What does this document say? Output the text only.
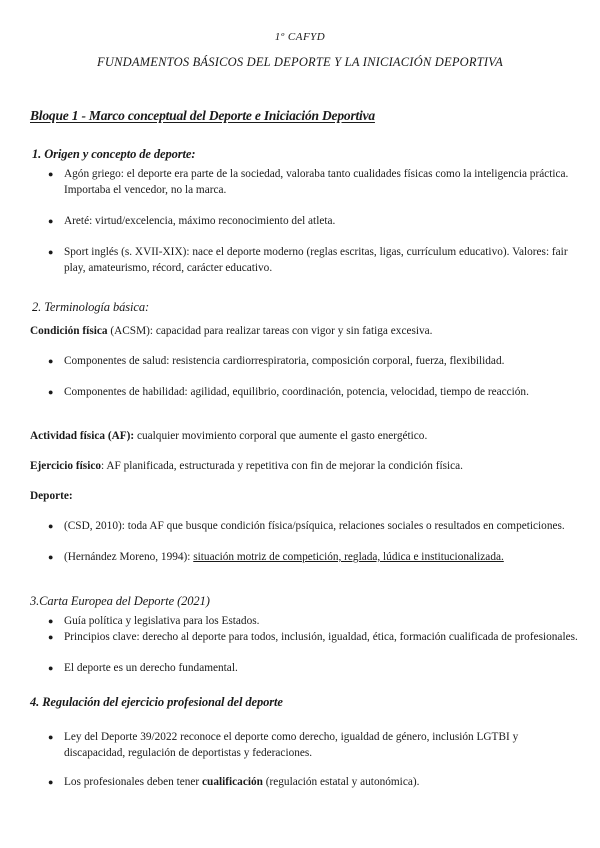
1º CAFYD
FUNDAMENTOS BÁSICOS DEL DEPORTE Y LA INICIACIÓN DEPORTIVA
Bloque 1 - Marco conceptual del Deporte e Iniciación Deportiva
1. Origen y concepto de deporte:
● Agón griego: el deporte era parte de la sociedad, valoraba tanto cualidades físicas como la inteligencia práctica. Importaba el vencedor, no la marca.
● Areté: virtud/excelencia, máximo reconocimiento del atleta.
● Sport inglés (s. XVII-XIX): nace el deporte moderno (reglas escritas, ligas, currículum educativo). Valores: fair play, amateurismo, récord, carácter educativo.
2. Terminología básica:
Condición física (ACSM): capacidad para realizar tareas con vigor y sin fatiga excesiva.
● Componentes de salud: resistencia cardiorrespiratoria, composición corporal, fuerza, flexibilidad.
● Componentes de habilidad: agilidad, equilibrio, coordinación, potencia, velocidad, tiempo de reacción.
Actividad física (AF): cualquier movimiento corporal que aumente el gasto energético.
Ejercicio físico: AF planificada, estructurada y repetitiva con fin de mejorar la condición física.
Deporte:
● (CSD, 2010): toda AF que busque condición física/psíquica, relaciones sociales o resultados en competiciones.
● (Hernández Moreno, 1994): situación motriz de competición, reglada, lúdica e institucionalizada.
3.Carta Europea del Deporte (2021)
● Guía política y legislativa para los Estados.
● Principios clave: derecho al deporte para todos, inclusión, igualdad, ética, formación cualificada de profesionales.
● El deporte es un derecho fundamental.
4. Regulación del ejercicio profesional del deporte
● Ley del Deporte 39/2022 reconoce el deporte como derecho, igualdad de género, inclusión LGTBI y discapacidad, regulación de deportistas y federaciones.
● Los profesionales deben tener cualificación (regulación estatal y autonómica).
